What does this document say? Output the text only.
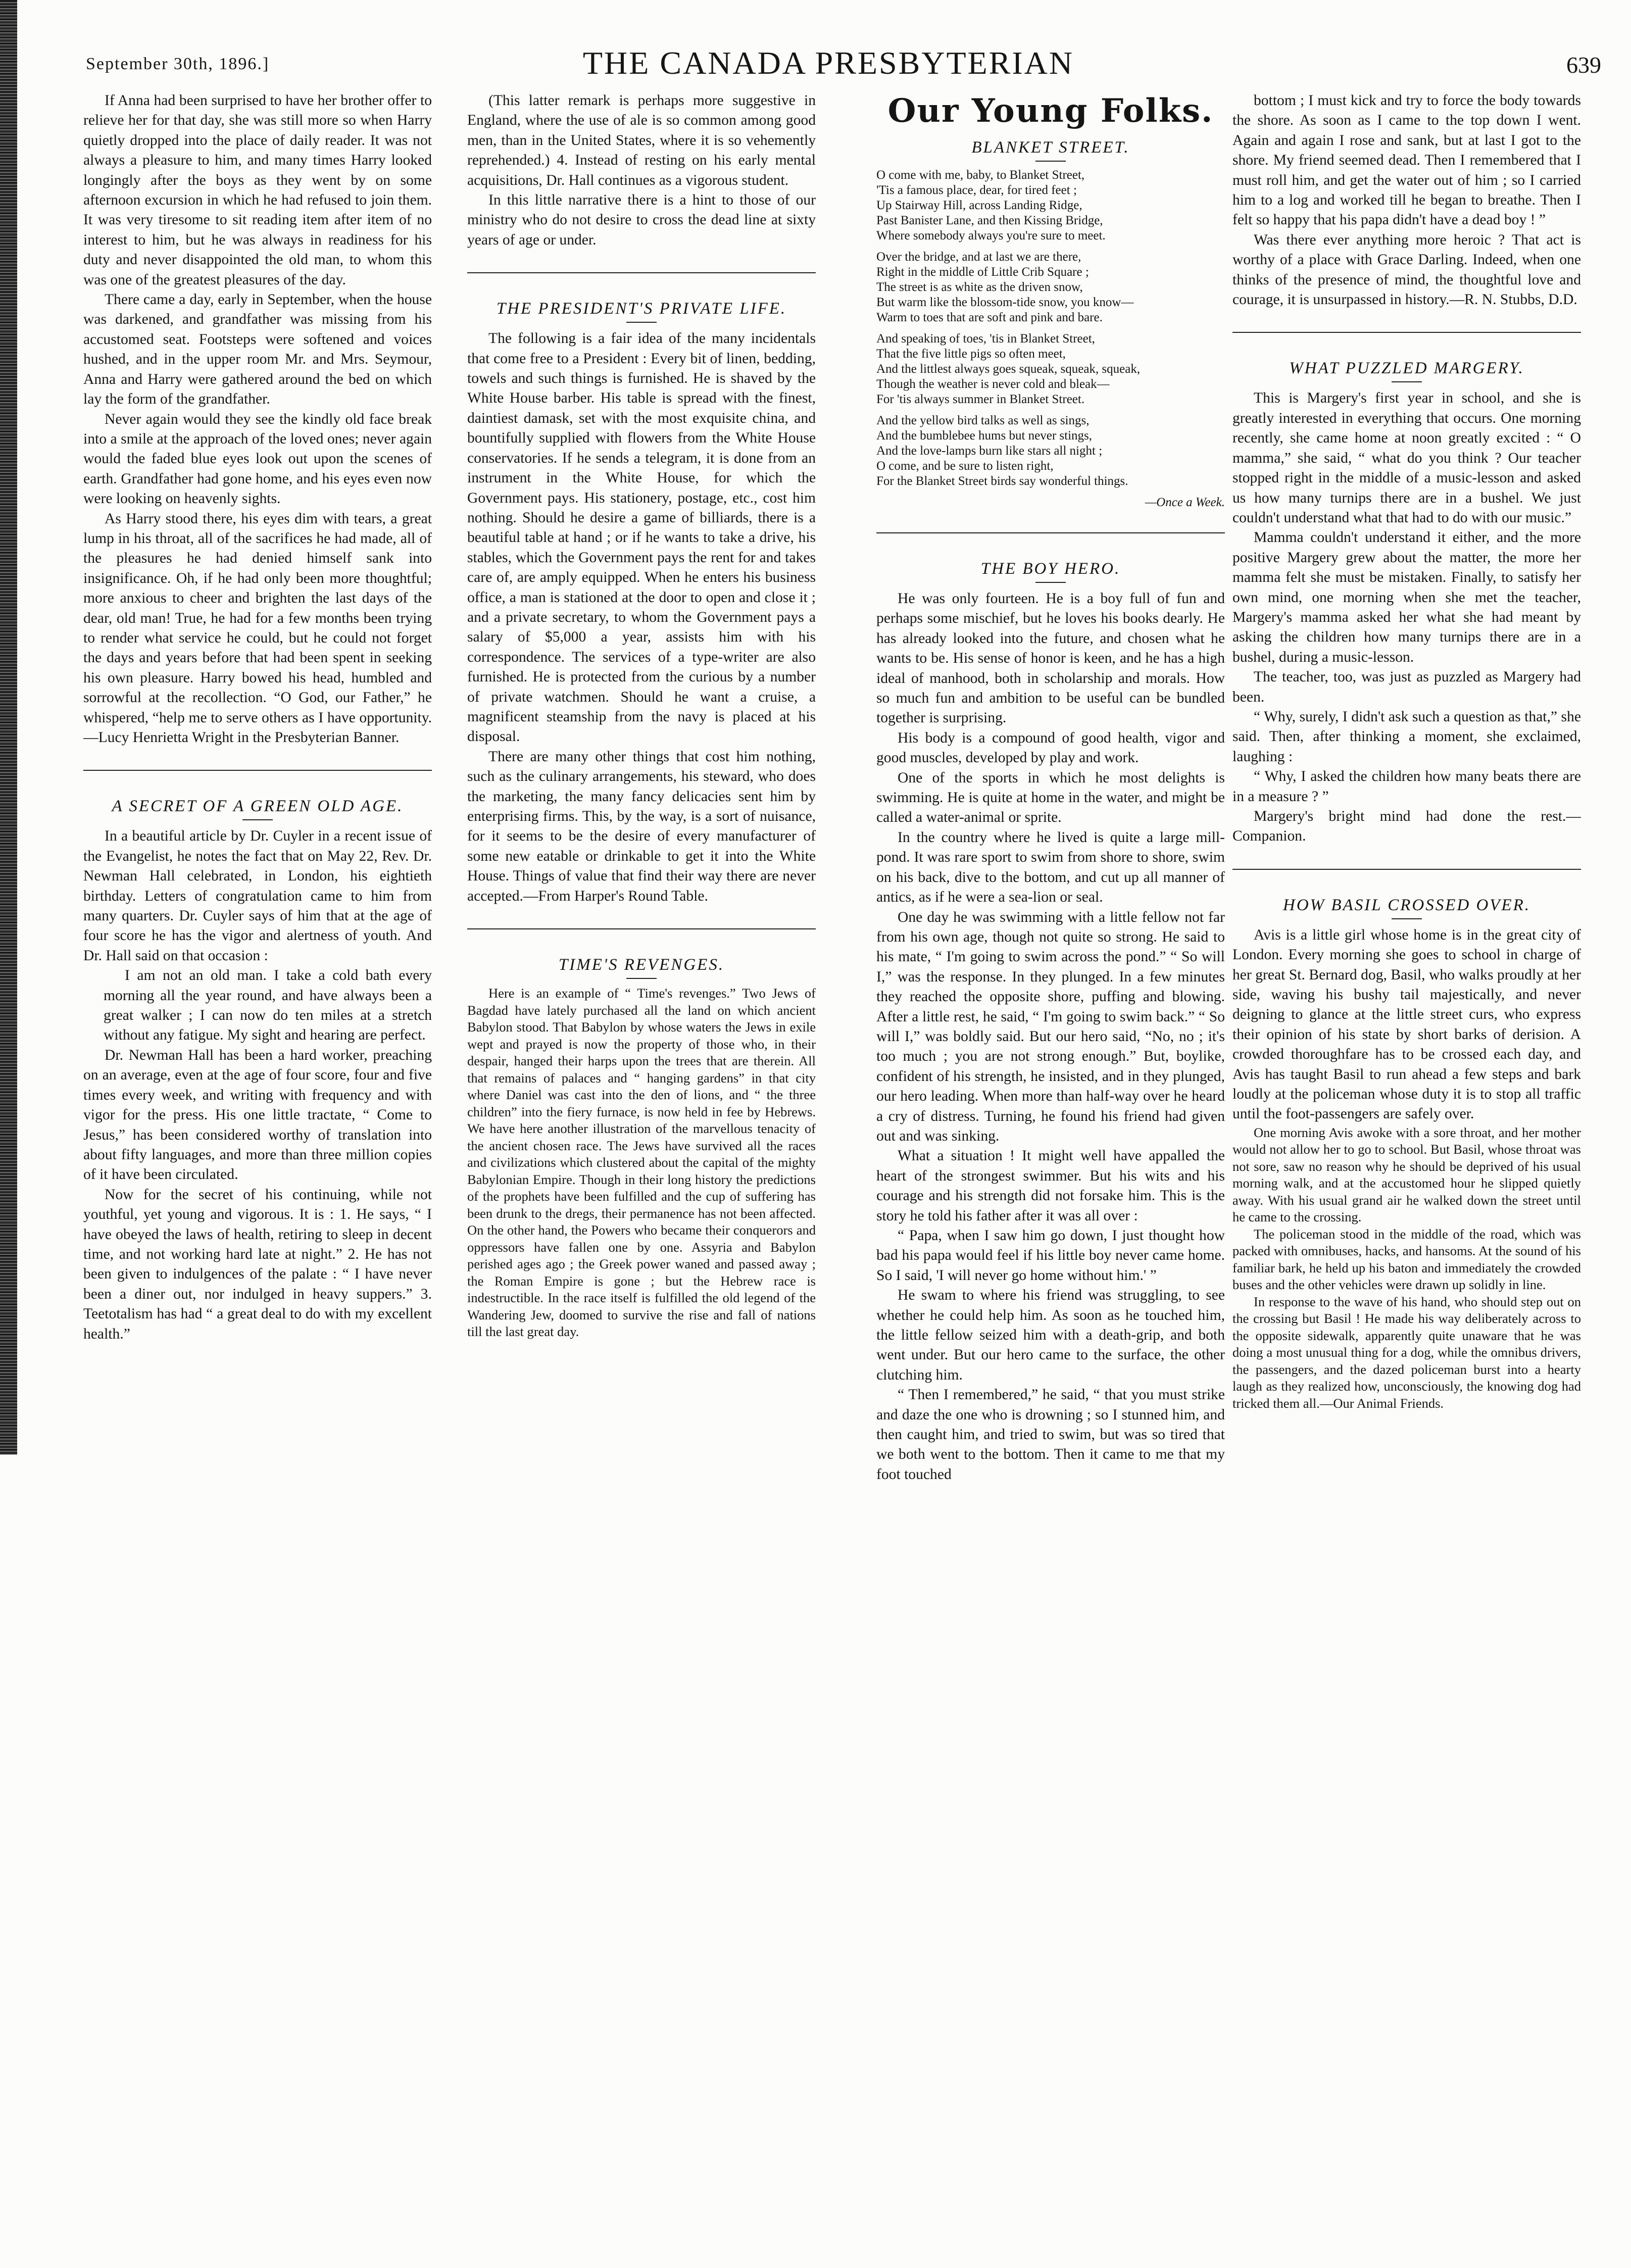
September 30th, 1896.]	THE CANADA PRESBYTERIAN	639

If Anna had been surprised to have her brother offer to relieve her for that day, she was still more so when Harry quietly dropped into the place of daily reader. It was not always a pleasure to him, and many times Harry looked longingly after the boys as they went by on some afternoon excursion in which he had refused to join them. It was very tiresome to sit reading item after item of no interest to him, but he was always in readiness for his duty and never disappointed the old man, to whom this was one of the greatest pleasures of the day.

There came a day, early in September, when the house was darkened, and grandfather was missing from his accustomed seat. Footsteps were softened and voices hushed, and in the upper room Mr. and Mrs. Seymour, Anna and Harry were gathered around the bed on which lay the form of the grandfather.

Never again would they see the kindly old face break into a smile at the approach of the loved ones; never again would the faded blue eyes look out upon the scenes of earth. Grandfather had gone home, and his eyes even now were looking on heavenly sights.

As Harry stood there, his eyes dim with tears, a great lump in his throat, all of the sacrifices he had made, all of the pleasures he had denied himself sank into insignificance. Oh, if he had only been more thoughtful; more anxious to cheer and brighten the last days of the dear, old man! True, he had for a few months been trying to render what service he could, but he could not forget the days and years before that had been spent in seeking his own pleasure. Harry bowed his head, humbled and sorrowful at the recollection. “O God, our Father,” he whispered, “help me to serve others as I have opportunity.—Lucy Henrietta Wright in the Presbyterian Banner.

A SECRET OF A GREEN OLD AGE.

In a beautiful article by Dr. Cuyler in a recent issue of the Evangelist, he notes the fact that on May 22, Rev. Dr. Newman Hall celebrated, in London, his eightieth birthday. Letters of congratulation came to him from many quarters. Dr. Cuyler says of him that at the age of four score he has the vigor and alertness of youth. And Dr. Hall said on that occasion :

I am not an old man. I take a cold bath every morning all the year round, and have always been a great walker ; I can now do ten miles at a stretch without any fatigue. My sight and hearing are perfect.

Dr. Newman Hall has been a hard worker, preaching on an average, even at the age of four score, four and five times every week, and writing with frequency and with vigor for the press. His one little tractate, “ Come to Jesus,” has been considered worthy of translation into about fifty languages, and more than three million copies of it have been circulated.

Now for the secret of his continuing, while not youthful, yet young and vigorous. It is : 1. He says, “ I have obeyed the laws of health, retiring to sleep in decent time, and not working hard late at night.” 2. He has not been given to indulgences of the palate : “ I have never been a diner out, nor indulged in heavy suppers.” 3. Teetotalism has had “ a great deal to do with my excellent health.”

(This latter remark is perhaps more suggestive in England, where the use of ale is so common among good men, than in the United States, where it is so vehemently reprehended.) 4. Instead of resting on his early mental acquisitions, Dr. Hall continues as a vigorous student.

In this little narrative there is a hint to those of our ministry who do not desire to cross the dead line at sixty years of age or under.

THE PRESIDENT'S PRIVATE LIFE.

The following is a fair idea of the many incidentals that come free to a President : Every bit of linen, bedding, towels and such things is furnished. He is shaved by the White House barber. His table is spread with the finest, daintiest damask, set with the most exquisite china, and bountifully supplied with flowers from the White House conservatories. If he sends a telegram, it is done from an instrument in the White House, for which the Government pays. His stationery, postage, etc., cost him nothing. Should he desire a game of billiards, there is a beautiful table at hand ; or if he wants to take a drive, his stables, which the Government pays the rent for and takes care of, are amply equipped. When he enters his business office, a man is stationed at the door to open and close it ; and a private secretary, to whom the Government pays a salary of $5,000 a year, assists him with his correspondence. The services of a type-writer are also furnished. He is protected from the curious by a number of private watchmen. Should he want a cruise, a magnificent steamship from the navy is placed at his disposal.

There are many other things that cost him nothing, such as the culinary arrangements, his steward, who does the marketing, the many fancy delicacies sent him by enterprising firms. This, by the way, is a sort of nuisance, for it seems to be the desire of every manufacturer of some new eatable or drinkable to get it into the White House. Things of value that find their way there are never accepted.—From Harper's Round Table.

TIME'S REVENGES.

Here is an example of “ Time's revenges.” Two Jews of Bagdad have lately purchased all the land on which ancient Babylon stood. That Babylon by whose waters the Jews in exile wept and prayed is now the property of those who, in their despair, hanged their harps upon the trees that are therein. All that remains of palaces and “ hanging gardens” in that city where Daniel was cast into the den of lions, and “ the three children” into the fiery furnace, is now held in fee by Hebrews. We have here another illustration of the marvellous tenacity of the ancient chosen race. The Jews have survived all the races and civilizations which clustered about the capital of the mighty Babylonian Empire. Though in their long history the predictions of the prophets have been fulfilled and the cup of suffering has been drunk to the dregs, their permanence has not been affected. On the other hand, the Powers who became their conquerors and oppressors have fallen one by one. Assyria and Babylon perished ages ago ; the Greek power waned and passed away ; the Roman Empire is gone ; but the Hebrew race is indestructible. In the race itself is fulfilled the old legend of the Wandering Jew, doomed to survive the rise and fall of nations till the last great day.

Our Young Folks.
BLANKET STREET.
O come with me, baby, to Blanket Street,
'Tis a famous place, dear, for tired feet ;
Up Stairway Hill, across Landing Ridge,
Past Banister Lane, and then Kissing Bridge,
Where somebody always you're sure to meet.
Over the bridge, and at last we are there,
Right in the middle of Little Crib Square ;
The street is as white as the driven snow,
But warm like the blossom-tide snow, you know—
Warm to toes that are soft and pink and bare.
And speaking of toes, 'tis in Blanket Street,
That the five little pigs so often meet,
And the littlest always goes squeak, squeak, squeak,
Though the weather is never cold and bleak—
For 'tis always summer in Blanket Street.
And the yellow bird talks as well as sings,
And the bumblebee hums but never stings,
And the love-lamps burn like stars all night ;
O come, and be sure to listen right,
For the Blanket Street birds say wonderful things.
—Once a Week.
THE BOY HERO.

He was only fourteen. He is a boy full of fun and perhaps some mischief, but he loves his books dearly. He has already looked into the future, and chosen what he wants to be. His sense of honor is keen, and he has a high ideal of manhood, both in scholarship and morals. How so much fun and ambition to be useful can be bundled together is surprising.

His body is a compound of good health, vigor and good muscles, developed by play and work.

One of the sports in which he most delights is swimming. He is quite at home in the water, and might be called a water-animal or sprite.

In the country where he lived is quite a large mill-pond. It was rare sport to swim from shore to shore, swim on his back, dive to the bottom, and cut up all manner of antics, as if he were a sea-lion or seal.

One day he was swimming with a little fellow not far from his own age, though not quite so strong. He said to his mate, “ I'm going to swim across the pond.” “ So will I,” was the response. In they plunged. In a few minutes they reached the opposite shore, puffing and blowing. After a little rest, he said, “ I'm going to swim back.” “ So will I,” was boldly said. But our hero said, “No, no ; it's too much ; you are not strong enough.” But, boylike, confident of his strength, he insisted, and in they plunged, our hero leading. When more than half-way over he heard a cry of distress. Turning, he found his friend had given out and was sinking.

What a situation ! It might well have appalled the heart of the strongest swimmer. But his wits and his courage and his strength did not forsake him. This is the story he told his father after it was all over :

“ Papa, when I saw him go down, I just thought how bad his papa would feel if his little boy never came home. So I said, 'I will never go home without him.' ”

He swam to where his friend was struggling, to see whether he could help him. As soon as he touched him, the little fellow seized him with a death-grip, and both went under. But our hero came to the surface, the other clutching him.

“ Then I remembered,” he said, “ that you must strike and daze the one who is drowning ; so I stunned him, and then caught him, and tried to swim, but was so tired that we both went to the bottom. Then it came to me that my foot touched

bottom ; I must kick and try to force the body towards the shore. As soon as I came to the top down I went. Again and again I rose and sank, but at last I got to the shore. My friend seemed dead. Then I remembered that I must roll him, and get the water out of him ; so I carried him to a log and worked till he began to breathe. Then I felt so happy that his papa didn't have a dead boy ! ”

Was there ever anything more heroic ? That act is worthy of a place with Grace Darling. Indeed, when one thinks of the presence of mind, the thoughtful love and courage, it is unsurpassed in history.—R. N. Stubbs, D.D.

WHAT PUZZLED MARGERY.

This is Margery's first year in school, and she is greatly interested in everything that occurs. One morning recently, she came home at noon greatly excited : “ O mamma,” she said, “ what do you think ? Our teacher stopped right in the middle of a music-lesson and asked us how many turnips there are in a bushel. We just couldn't understand what that had to do with our music.”

Mamma couldn't understand it either, and the more positive Margery grew about the matter, the more her mamma felt she must be mistaken. Finally, to satisfy her own mind, one morning when she met the teacher, Margery's mamma asked her what she had meant by asking the children how many turnips there are in a bushel, during a music-lesson.

The teacher, too, was just as puzzled as Margery had been.

“ Why, surely, I didn't ask such a question as that,” she said. Then, after thinking a moment, she exclaimed, laughing :

“ Why, I asked the children how many beats there are in a measure ? ”

Margery's bright mind had done the rest.—Companion.

HOW BASIL CROSSED OVER.

Avis is a little girl whose home is in the great city of London. Every morning she goes to school in charge of her great St. Bernard dog, Basil, who walks proudly at her side, waving his bushy tail majestically, and never deigning to glance at the little street curs, who express their opinion of his state by short barks of derision. A crowded thoroughfare has to be crossed each day, and Avis has taught Basil to run ahead a few steps and bark loudly at the policeman whose duty it is to stop all traffic until the foot-passengers are safely over.

One morning Avis awoke with a sore throat, and her mother would not allow her to go to school. But Basil, whose throat was not sore, saw no reason why he should be deprived of his usual morning walk, and at the accustomed hour he slipped quietly away. With his usual grand air he walked down the street until he came to the crossing.

The policeman stood in the middle of the road, which was packed with omnibuses, hacks, and hansoms. At the sound of his familiar bark, he held up his baton and immediately the crowded buses and the other vehicles were drawn up solidly in line.

In response to the wave of his hand, who should step out on the crossing but Basil ! He made his way deliberately across to the opposite sidewalk, apparently quite unaware that he was doing a most unusual thing for a dog, while the omnibus drivers, the passengers, and the dazed policeman burst into a hearty laugh as they realized how, unconsciously, the knowing dog had tricked them all.—Our Animal Friends.
